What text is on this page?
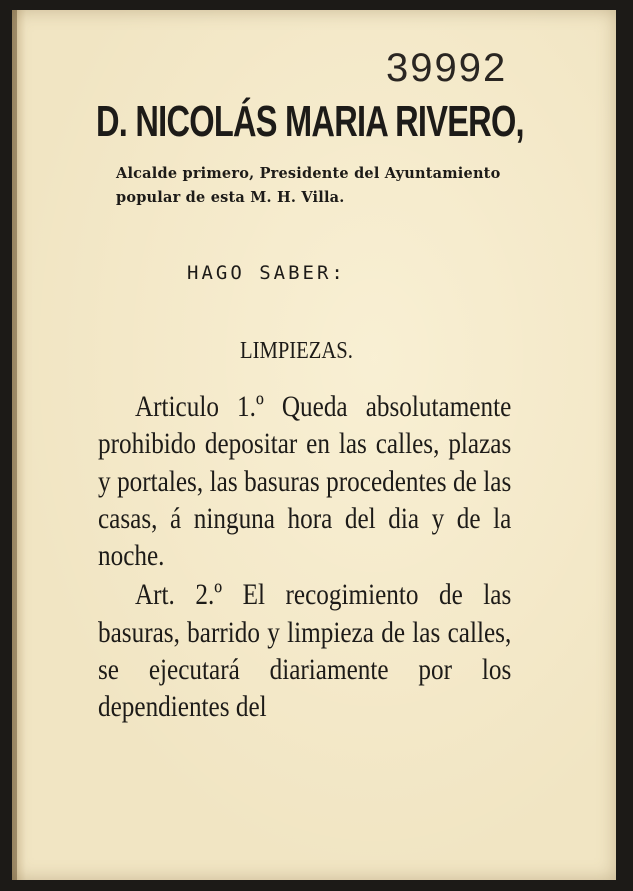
39992
D. NICOLÁS MARIA RIVERO,
Alcalde primero, Presidente del Ayuntamiento popular de esta M. H. Villa.
HAGO SABER:
LIMPIEZAS.

Articulo 1.º Queda absolutamente prohibido depositar en las calles, plazas y portales, las basuras procedentes de las casas, á ninguna hora del dia y de la noche.

Art. 2.º El recogimiento de las basuras, barrido y limpieza de las calles, se ejecutará diariamente por los dependientes del
